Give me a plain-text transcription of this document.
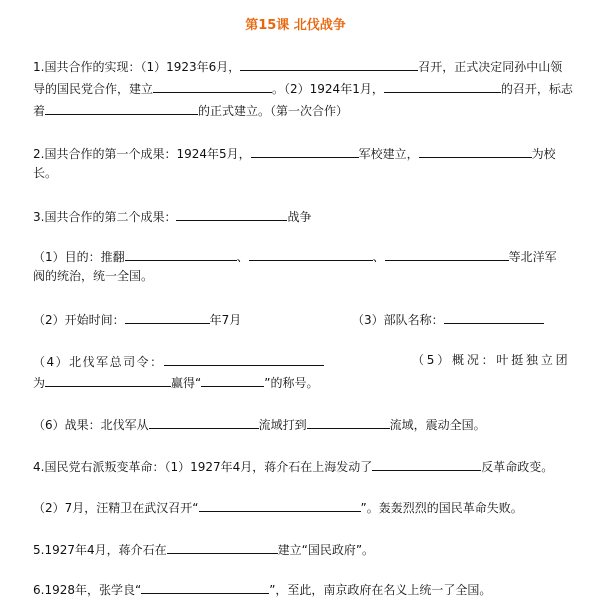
第15课 北伐战争
1.国共合作的实现：（1）1923年6月，	召开，正式决定同孙中山领
导的国民党合作，建立	。（2）1924年1月，	的召开，标志
着	的正式建立。（第一次合作）
2.国共合作的第一个成果：1924年5月，	军校建立，	为校
长。
3.国共合作的第二个成果：	战争
（1）目的：推翻	、	、	等北洋军
阀的统治，统一全国。
（2）开始时间：	年7月	（3）部队名称：
（4）北伐军总司令：	（5）概况：叶挺独立团
为	赢得“	”的称号。
（6）战果：北伐军从	流域打到	流域，震动全国。
4.国民党右派叛变革命：（1）1927年4月，蒋介石在上海发动了	反革命政变。
（2）7月，汪精卫在武汉召开“	”。轰轰烈烈的国民革命失败。
5.1927年4月，蒋介石在	建立“国民政府”。
6.1928年，张学良“	”，至此，南京政府在名义上统一了全国。
